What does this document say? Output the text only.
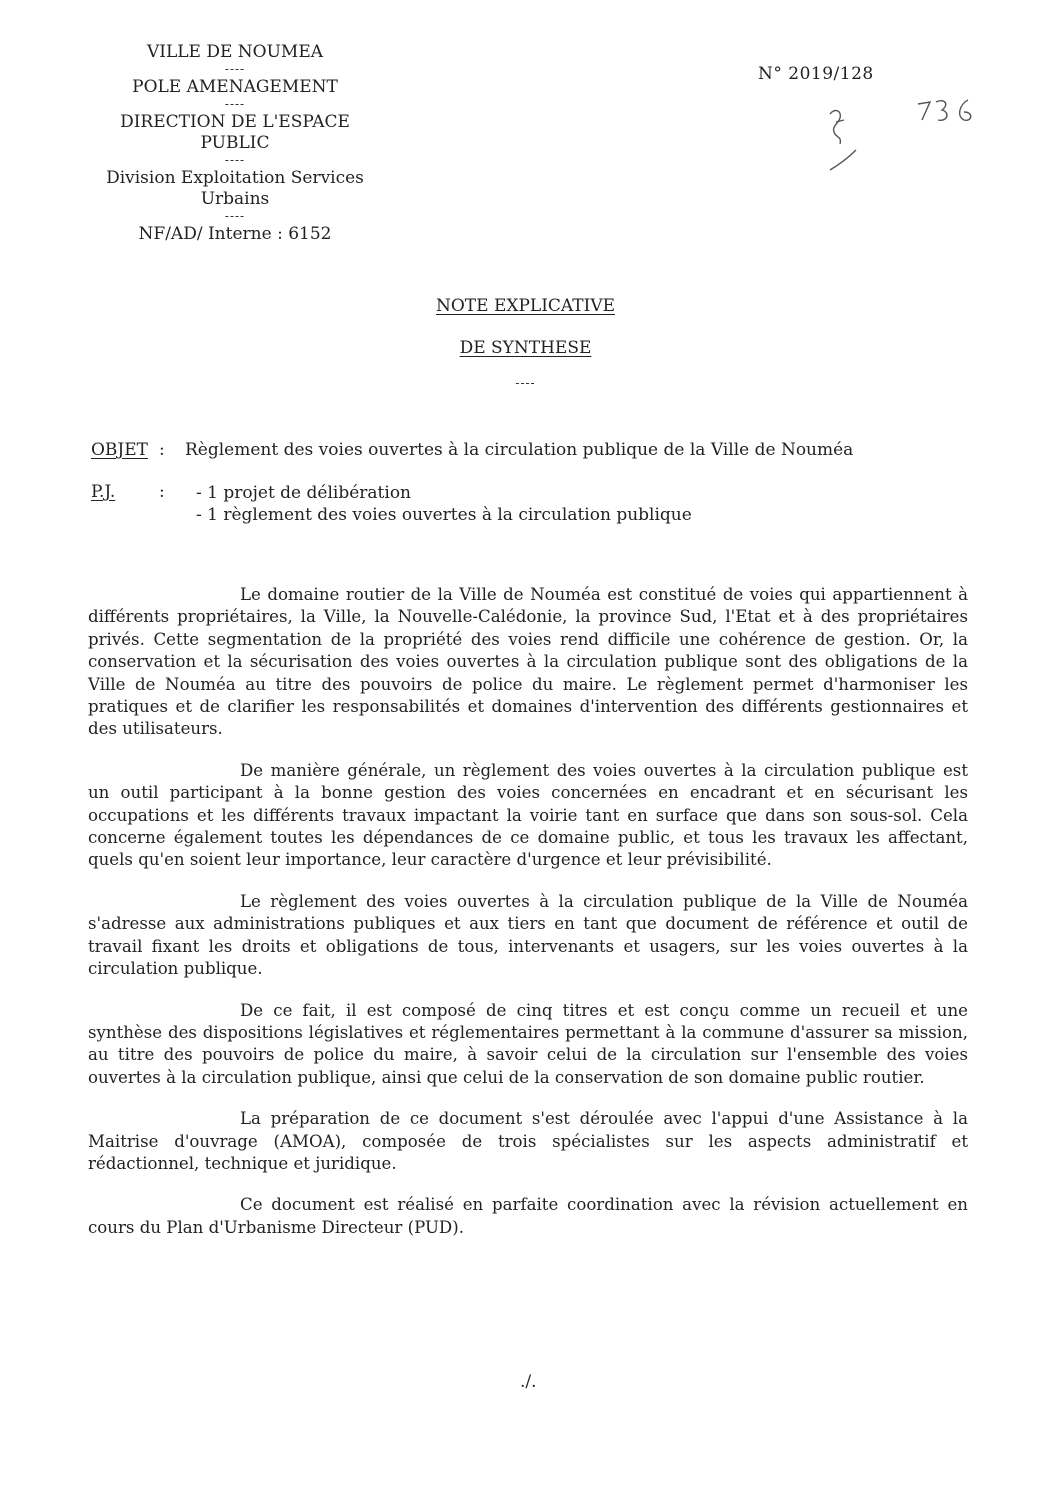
VILLE DE NOUMEA
----
POLE AMENAGEMENT
----
DIRECTION DE L'ESPACE PUBLIC
----
Division Exploitation Services Urbains
----
NF/AD/ Interne : 6152
N° 2019/128
NOTE EXPLICATIVE
DE SYNTHESE
----
OBJET : Règlement des voies ouvertes à la circulation publique de la Ville de Nouméa
P.J.	:	- 1 projet de délibération
- 1 règlement des voies ouvertes à la circulation publique

Le domaine routier de la Ville de Nouméa est constitué de voies qui appartiennent à différents propriétaires, la Ville, la Nouvelle-Calédonie, la province Sud, l'Etat et à des propriétaires privés. Cette segmentation de la propriété des voies rend difficile une cohérence de gestion. Or, la conservation et la sécurisation des voies ouvertes à la circulation publique sont des obligations de la Ville de Nouméa au titre des pouvoirs de police du maire. Le règlement permet d'harmoniser les pratiques et de clarifier les responsabilités et domaines d'intervention des différents gestionnaires et des utilisateurs.

De manière générale, un règlement des voies ouvertes à la circulation publique est un outil participant à la bonne gestion des voies concernées en encadrant et en sécurisant les occupations et les différents travaux impactant la voirie tant en surface que dans son sous-sol. Cela concerne également toutes les dépendances de ce domaine public, et tous les travaux les affectant, quels qu'en soient leur importance, leur caractère d'urgence et leur prévisibilité.

Le règlement des voies ouvertes à la circulation publique de la Ville de Nouméa s'adresse aux administrations publiques et aux tiers en tant que document de référence et outil de travail fixant les droits et obligations de tous, intervenants et usagers, sur les voies ouvertes à la circulation publique.

De ce fait, il est composé de cinq titres et est conçu comme un recueil et une synthèse des dispositions législatives et réglementaires permettant à la commune d'assurer sa mission, au titre des pouvoirs de police du maire, à savoir celui de la circulation sur l'ensemble des voies ouvertes à la circulation publique, ainsi que celui de la conservation de son domaine public routier.

La préparation de ce document s'est déroulée avec l'appui d'une Assistance à la Maitrise d'ouvrage (AMOA), composée de trois spécialistes sur les aspects administratif et rédactionnel, technique et juridique.

Ce document est réalisé en parfaite coordination avec la révision actuellement en cours du Plan d'Urbanisme Directeur (PUD).

./.
